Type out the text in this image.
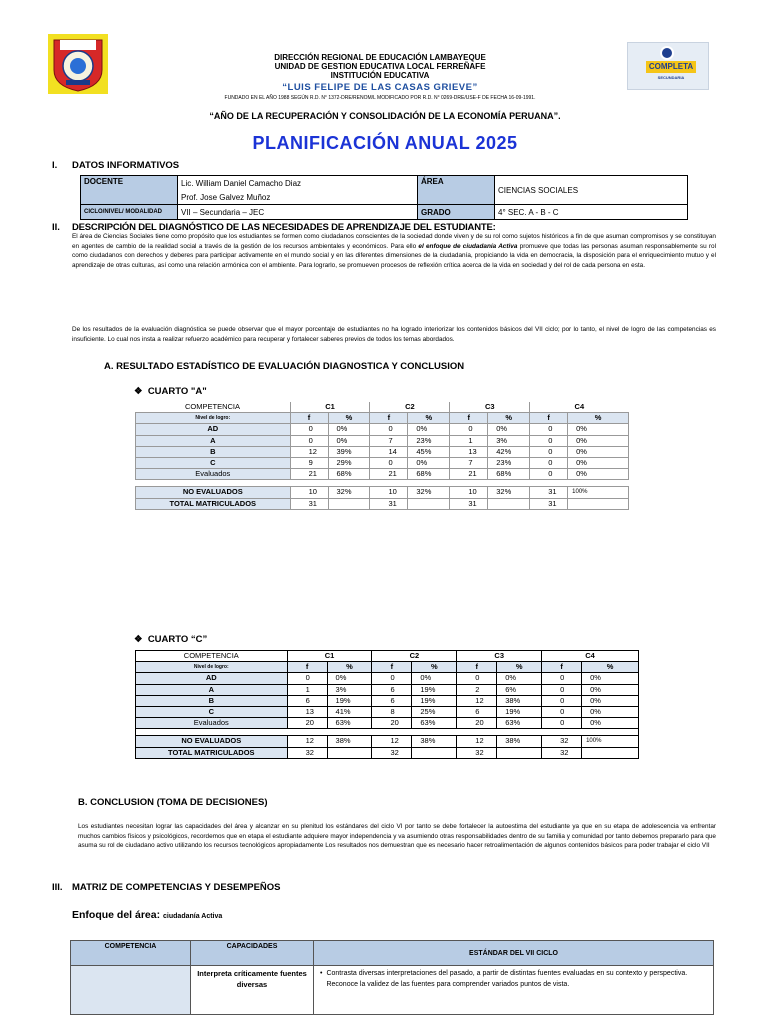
COMPLETA
SECUNDARIA
DIRECCIÓN REGIONAL DE EDUCACIÓN LAMBAYEQUE
UNIDAD DE GESTION EDUCATIVA LOCAL FERREÑAFE
INSTITUCIÓN EDUCATIVA
“LUIS FELIPE DE LAS CASAS GRIEVE”
FUNDADO EN EL AÑO 1988 SEGÚN R.D. N° 1372-DRE/RENOM/L MODIFICADO POR R.D. N° 0269-DRE/USE-F DE FECHA 16-09-1991.
“AÑO DE LA RECUPERACIÓN Y CONSOLIDACIÓN DE LA ECONOMÍA PERUANA”.
PLANIFICACIÓN ANUAL 2025
I. DATOS INFORMATIVOS
DOCENTE	Lic. William Daniel Camacho Diaz	ÁREA	CIENCIAS SOCIALES
	Prof. Jose Galvez Muñoz		
CICLO/NIVEL/ MODALIDAD	VII – Secundaria – JEC	GRADO	4° SEC. A - B - C
II. DESCRIPCIÓN DEL DIAGNÓSTICO DE LAS NECESIDADES DE APRENDIZAJE DEL ESTUDIANTE:
El área de Ciencias Sociales tiene como propósito que los estudiantes se formen como ciudadanos conscientes de la sociedad donde viven y de su rol como sujetos históricos a fin de que asuman compromisos y se constituyan en agentes de cambio de la realidad social a través de la gestión de los recursos ambientales y económicos. Para ello el enfoque de ciudadanía Activa promueve que todas las personas asuman responsablemente su rol como ciudadanos con derechos y deberes para participar activamente en el mundo social y en las diferentes dimensiones de la ciudadanía, propiciando la vida en democracia, la disposición para el enriquecimiento mutuo y el aprendizaje de otras culturas, así como una relación armónica con el ambiente. Para lograrlo, se promueven procesos de reflexión crítica acerca de la vida en sociedad y del rol de cada persona en esta.
De los resultados de la evaluación diagnóstica se puede observar que el mayor porcentaje de estudiantes no ha logrado interiorizar los contenidos básicos del VII ciclo; por lo tanto, el nivel de logro de las competencias es insuficiente. Lo cual nos insta a realizar refuerzo académico para recuperar y fortalecer saberes previos de todos los temas abordados.
A. RESULTADO ESTADÍSTICO DE EVALUACIÓN DIAGNOSTICA Y CONCLUSION
❖ CUARTO "A"
COMPETENCIA	C1		C2		C3		C4	
Nivel de logro:	f	%	f	%	f	%	f	%
AD	0	0%	0	0%	0	0%	0	0%
A	0	0%	7	23%	1	3%	0	0%
B	12	39%	14	45%	13	42%	0	0%
C	9	29%	0	0%	7	23%	0	0%
Evaluados	21	68%	21	68%	21	68%	0	0%

NO EVALUADOS	10	32%	10	32%	10	32%	31	100%
TOTAL MATRICULADOS	31		31		31		31	
❖ CUARTO “C”
COMPETENCIA	C1		C2		C3		C4	
Nivel de logro:	f	%	f	%	f	%	f	%
AD	0	0%	0	0%	0	0%	0	0%
A	1	3%	6	19%	2	6%	0	0%
B	6	19%	6	19%	12	38%	0	0%
C	13	41%	8	25%	6	19%	0	0%
Evaluados	20	63%	20	63%	20	63%	0	0%

NO EVALUADOS	12	38%	12	38%	12	38%	32	100%
TOTAL MATRICULADOS	32		32		32		32	
B. CONCLUSION (TOMA DE DECISIONES)
Los estudiantes necesitan lograr las capacidades del área y alcanzar en su plenitud los estándares del ciclo VI por tanto se debe fortalecer la autoestima del estudiante ya que en su etapa de adolescencia va enfrentar muchos cambios físicos y psicológicos, recordemos que en etapa el estudiante adquiere mayor independencia y va asumiendo otras responsabilidades dentro de su familia y comunidad por tanto debemos prepararlo para que asuma su rol de ciudadano activo utilizando los recursos tecnológicos apropiadamente Los resultados nos demuestran que es necesario hacer retroalimentación de algunos contenidos básicos para poder trabajar el ciclo VII
III. MATRIZ DE COMPETENCIAS Y DESEMPEÑOS
Enfoque del área: ciudadanía Activa
COMPETENCIA	CAPACIDADES	ESTÁNDAR DEL VII CICLO
	Interpreta críticamente fuentes diversas	• Contrasta diversas interpretaciones del pasado, a partir de distintas fuentes evaluadas en su contexto y perspectiva. Reconoce la validez de las fuentes para comprender variados puntos de vista.
